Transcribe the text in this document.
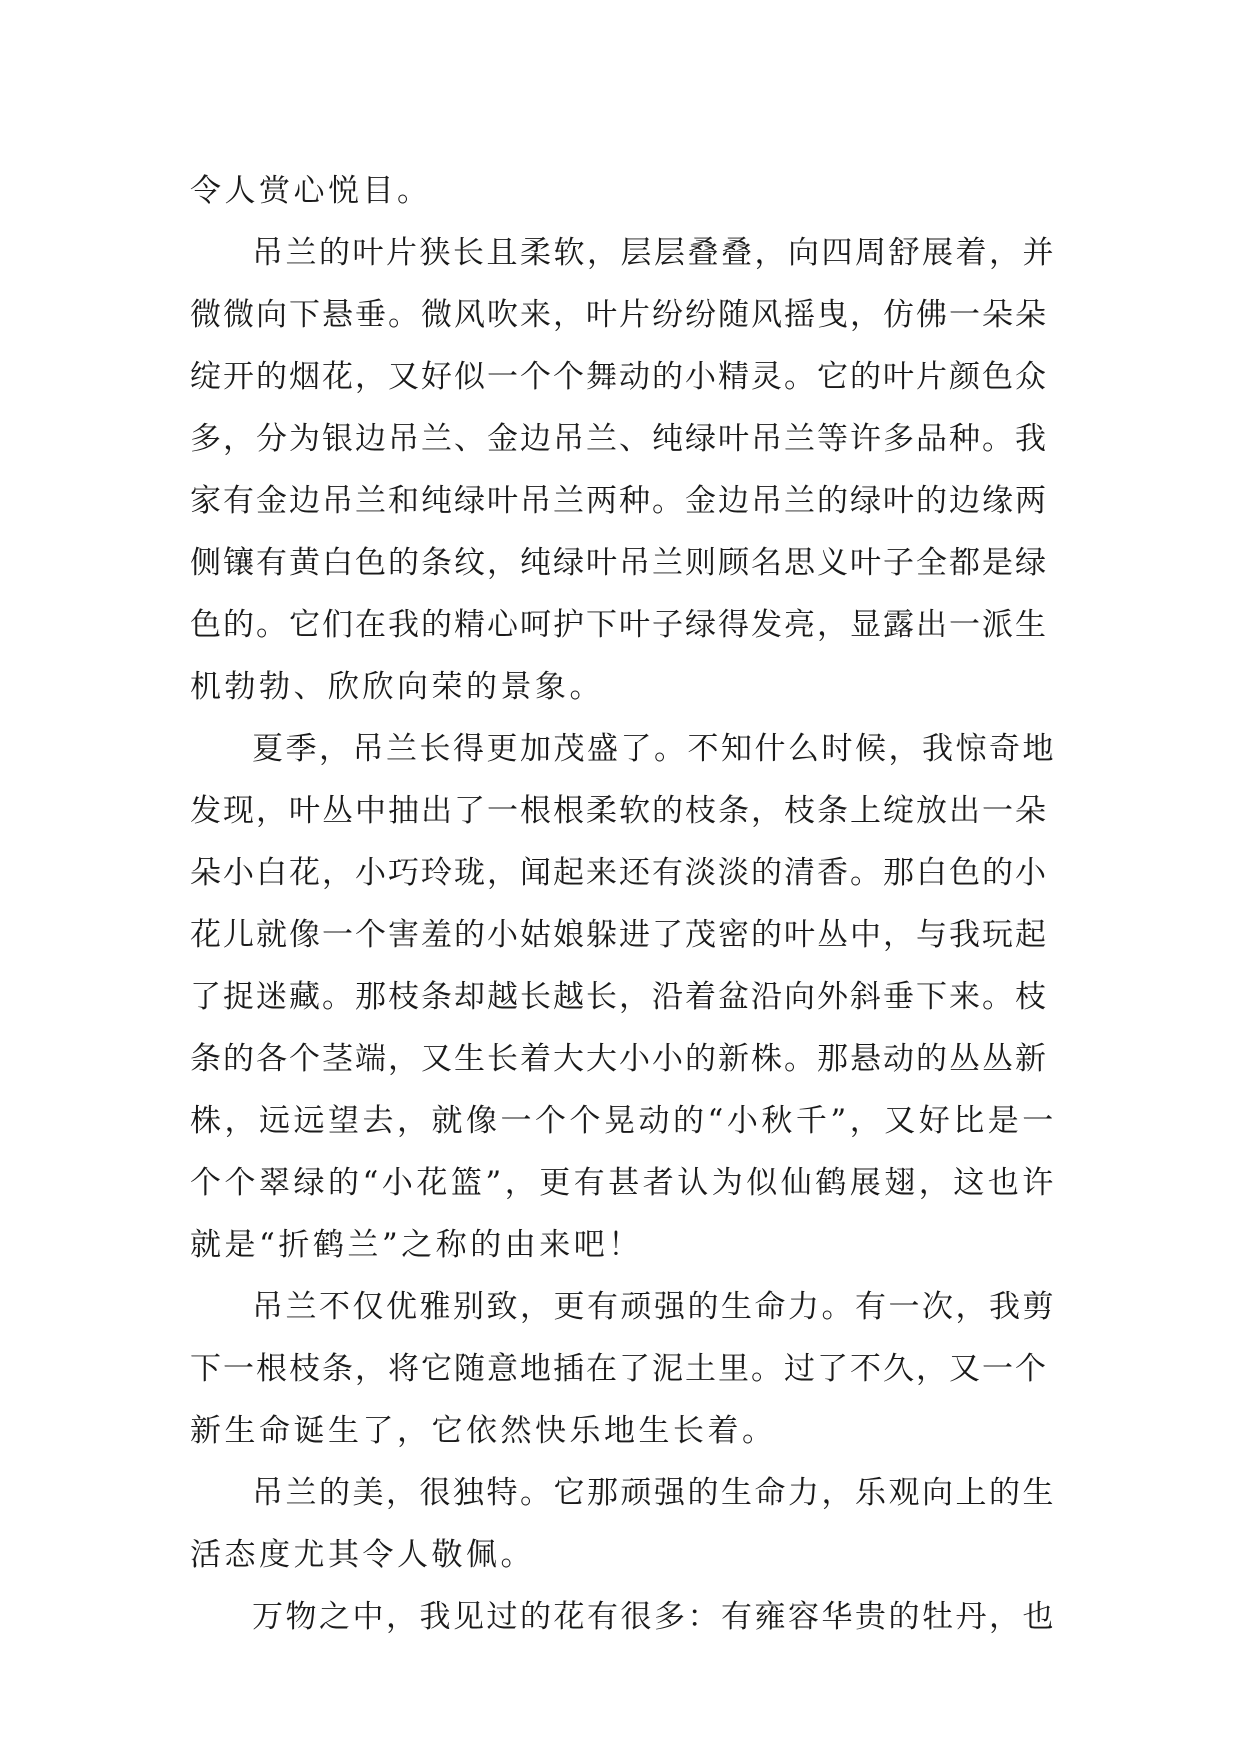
令人赏心悦目。

吊兰的叶片狭长且柔软，层层叠叠，向四周舒展着，并

微微向下悬垂。微风吹来，叶片纷纷随风摇曳，仿佛一朵朵

绽开的烟花，又好似一个个舞动的小精灵。它的叶片颜色众

多，分为银边吊兰、金边吊兰、纯绿叶吊兰等许多品种。我

家有金边吊兰和纯绿叶吊兰两种。金边吊兰的绿叶的边缘两

侧镶有黄白色的条纹，纯绿叶吊兰则顾名思义叶子全都是绿

色的。它们在我的精心呵护下叶子绿得发亮，显露出一派生

机勃勃、欣欣向荣的景象。

夏季，吊兰长得更加茂盛了。不知什么时候，我惊奇地

发现，叶丛中抽出了一根根柔软的枝条，枝条上绽放出一朵

朵小白花，小巧玲珑，闻起来还有淡淡的清香。那白色的小

花儿就像一个害羞的小姑娘躲进了茂密的叶丛中，与我玩起

了捉迷藏。那枝条却越长越长，沿着盆沿向外斜垂下来。枝

条的各个茎端，又生长着大大小小的新株。那悬动的丛丛新

株，远远望去，就像一个个晃动的“小秋千”，又好比是一

个个翠绿的“小花篮”，更有甚者认为似仙鹤展翅，这也许

就是“折鹤兰”之称的由来吧！

吊兰不仅优雅别致，更有顽强的生命力。有一次，我剪

下一根枝条，将它随意地插在了泥土里。过了不久，又一个

新生命诞生了，它依然快乐地生长着。

吊兰的美，很独特。它那顽强的生命力，乐观向上的生

活态度尤其令人敬佩。

万物之中，我见过的花有很多：有雍容华贵的牡丹，也
